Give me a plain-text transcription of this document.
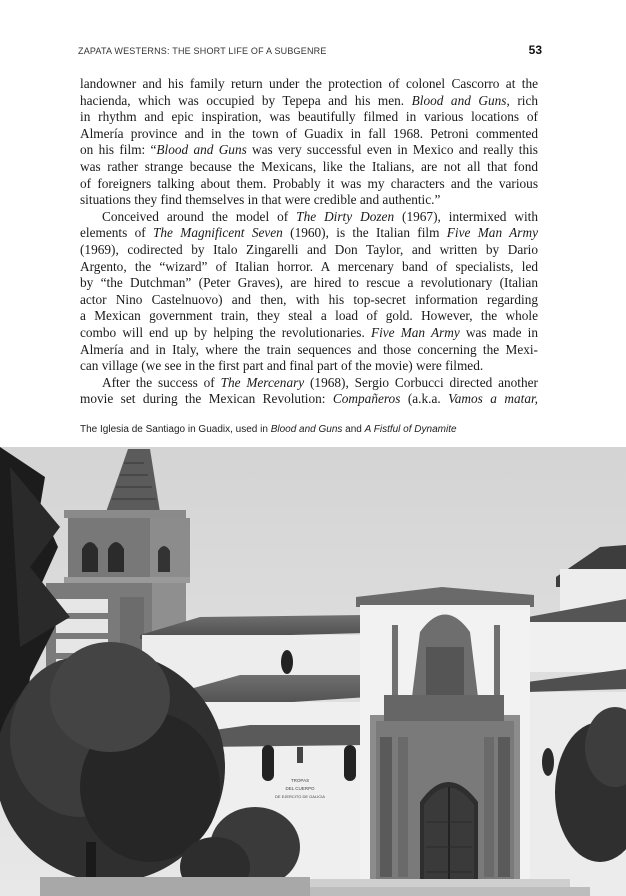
ZAPATA WESTERNS: THE SHORT LIFE OF A SUBGENRE	53
landowner and his family return under the protection of colonel Cascorro at the
hacienda, which was occupied by Tepepa and his men. Blood and Guns, rich
in rhythm and epic inspiration, was beautifully filmed in various locations of
Almería province and in the town of Guadix in fall 1968. Petroni commented
on his film: “Blood and Guns was very successful even in Mexico and really this
was rather strange because the Mexicans, like the Italians, are not all that fond
of foreigners talking about them. Probably it was my characters and the various
situations they find themselves in that were credible and authentic.”
Conceived around the model of The Dirty Dozen (1967), intermixed with
elements of The Magnificent Seven (1960), is the Italian film Five Man Army
(1969), codirected by Italo Zingarelli and Don Taylor, and written by Dario
Argento, the “wizard” of Italian horror. A mercenary band of specialists, led
by “the Dutchman” (Peter Graves), are hired to rescue a revolutionary (Italian
actor Nino Castelnuovo) and then, with his top-secret information regarding
a Mexican government train, they steal a load of gold. However, the whole
combo will end up by helping the revolutionaries. Five Man Army was made in
Almería and in Italy, where the train sequences and those concerning the Mexi-
can village (we see in the first part and final part of the movie) were filmed.
After the success of The Mercenary (1968), Sergio Corbucci directed another
movie set during the Mexican Revolution: Compañeros (a.k.a. Vamos a matar,
The Iglesia de Santiago in Guadix, used in Blood and Guns and A Fistful of Dynamite
TROPAS
DEL CUERPO
DE EJERCITO DE GALICIA
